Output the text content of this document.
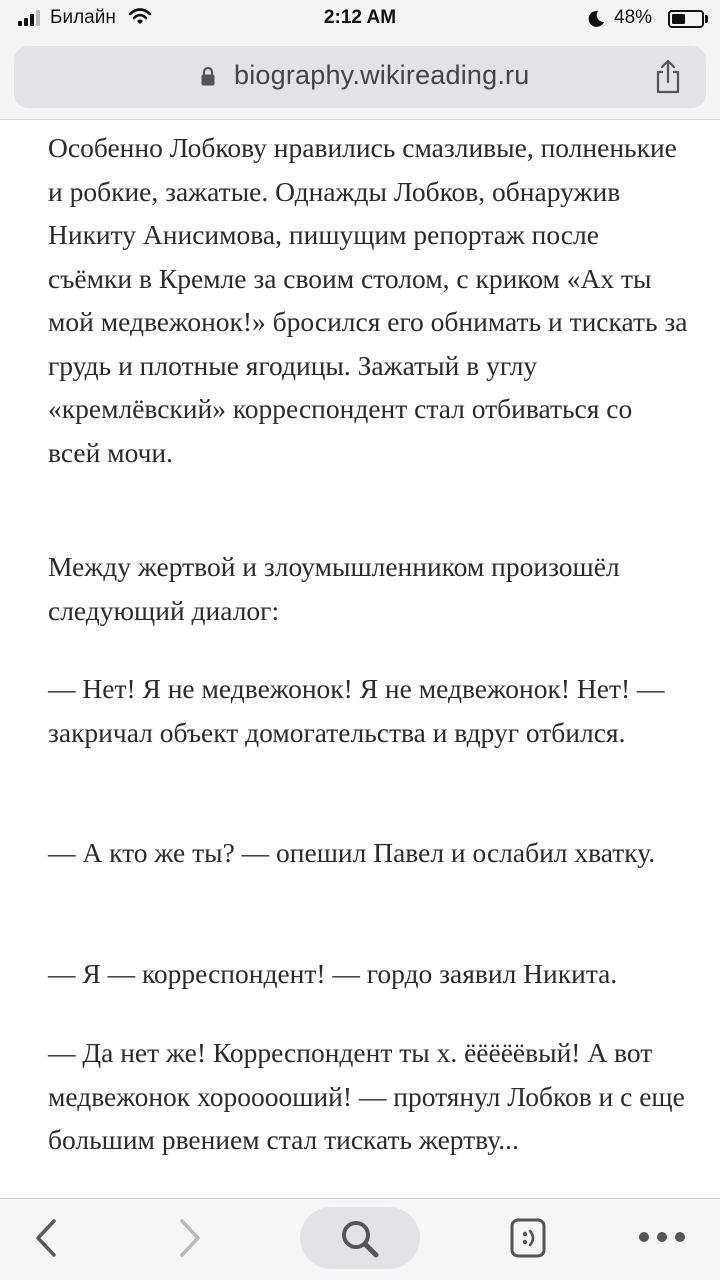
Билайн	2:12 AM	48%
biography.wikireading.ru

Особенно Лобкову нравились смазливые, полненькие и робкие, зажатые. Однажды Лобков, обнаружив Никиту Анисимова, пишущим репортаж после съёмки в Кремле за своим столом, с криком «Ах ты мой медвежонок!» бросился его обнимать и тискать за грудь и плотные ягодицы. Зажатый в углу «кремлёвский» корреспондент стал отбиваться со всей мочи.

Между жертвой и злоумышленником произошёл следующий диалог:

— Нет! Я не медвежонок! Я не медвежонок! Нет! — закричал объект домогательства и вдруг отбился.

— А кто же ты? — опешил Павел и ослабил хватку.

— Я — корреспондент! — гордо заявил Никита.

— Да нет же! Корреспондент ты х. ёёёёёвый! А вот медвежонок хорооооший! — протянул Лобков и с еще большим рвением стал тискать жертву...
